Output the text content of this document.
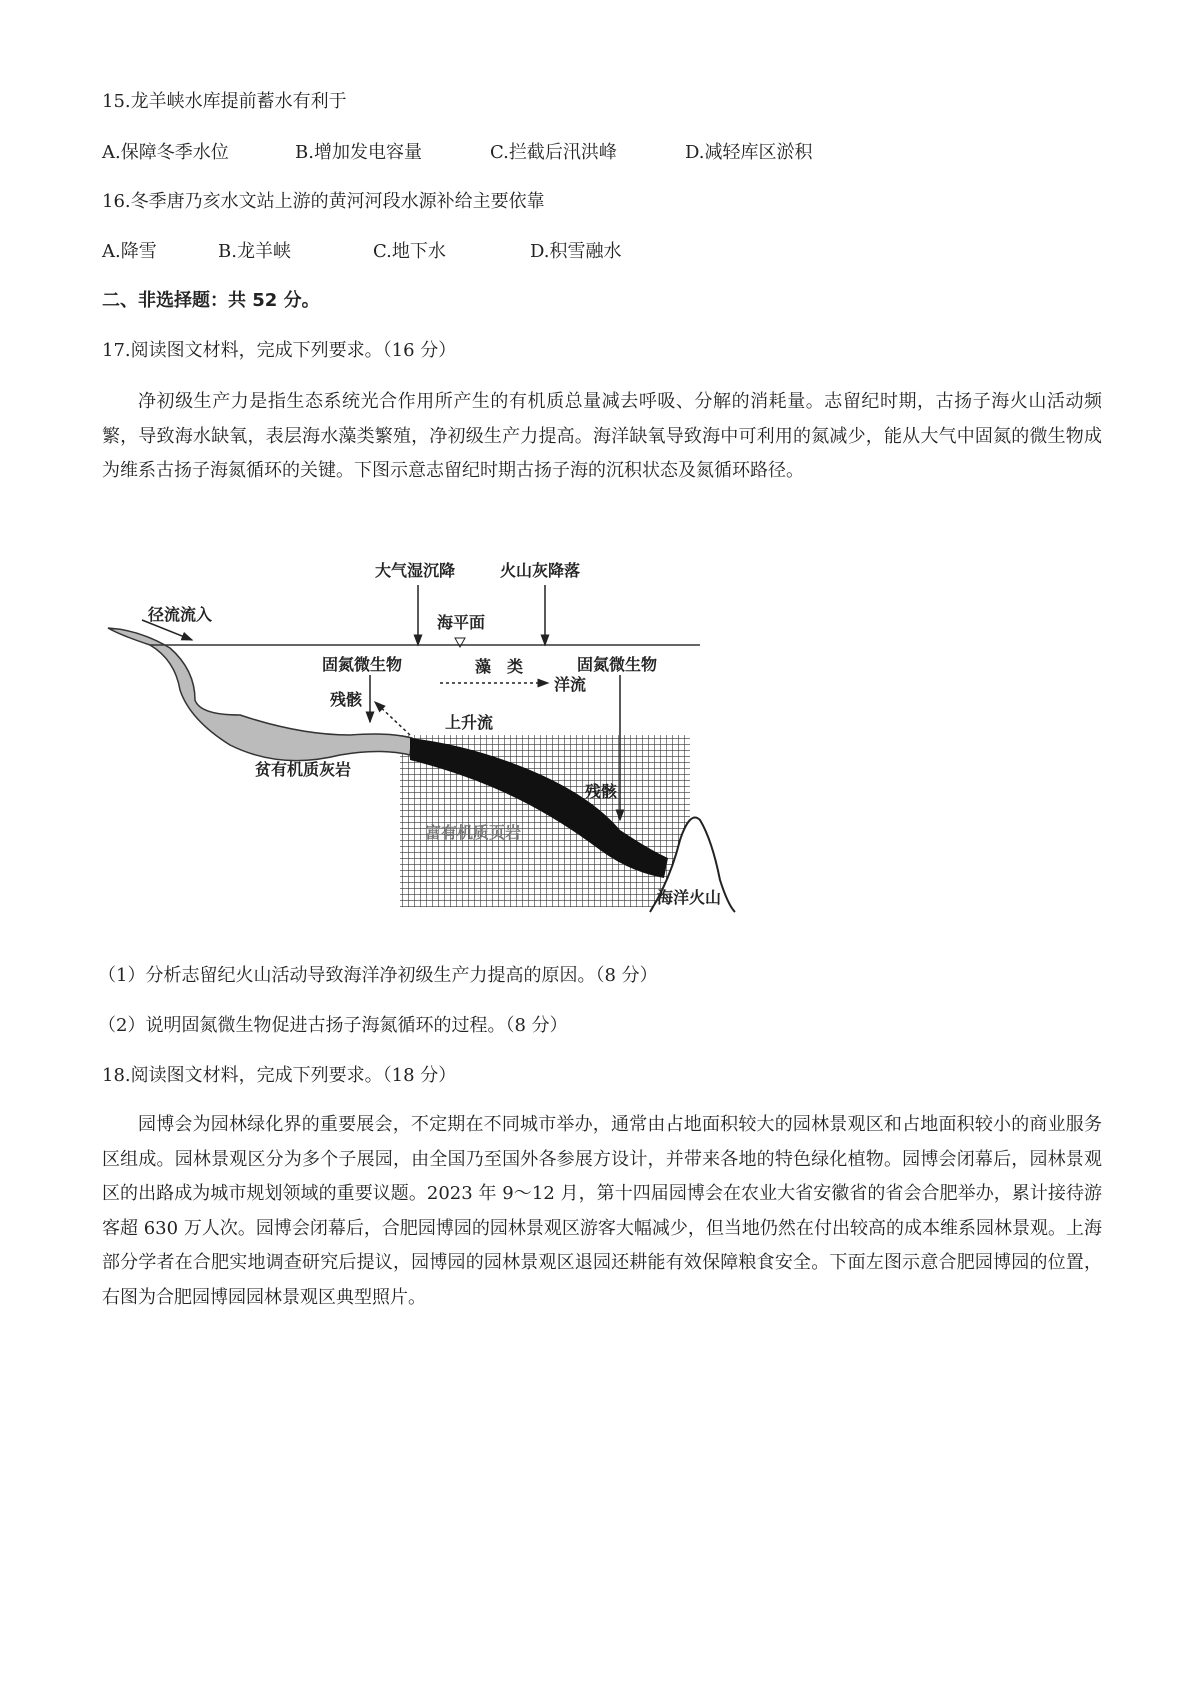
15.龙羊峡水库提前蓄水有利于
A.保障冬季水位	B.增加发电容量	C.拦截后汛洪峰	D.减轻库区淤积
16.冬季唐乃亥水文站上游的黄河河段水源补给主要依靠
A.降雪	B.龙羊峡	C.地下水	D.积雪融水
二、非选择题：共 52 分。
17.阅读图文材料，完成下列要求。（16 分）
净初级生产力是指生态系统光合作用所产生的有机质总量减去呼吸、分解的消耗量。志留纪时期，古扬子海火山活动频繁，导致海水缺氧，表层海水藻类繁殖，净初级生产力提高。海洋缺氧导致海中可利用的氮减少，能从大气中固氮的微生物成为维系古扬子海氮循环的关键。下图示意志留纪时期古扬子海的沉积状态及氮循环路径。
径流流入
大气湿沉降	火山灰降落
海平面
固氮微生物	藻　类	固氮微生物
洋流
残骸
上升流
贫有机质灰岩
富有机质页岩
残骸
海洋火山
（1）分析志留纪火山活动导致海洋净初级生产力提高的原因。（8 分）
（2）说明固氮微生物促进古扬子海氮循环的过程。（8 分）
18.阅读图文材料，完成下列要求。（18 分）
园博会为园林绿化界的重要展会，不定期在不同城市举办，通常由占地面积较大的园林景观区和占地面积较小的商业服务区组成。园林景观区分为多个子展园，由全国乃至国外各参展方设计，并带来各地的特色绿化植物。园博会闭幕后，园林景观区的出路成为城市规划领域的重要议题。2023 年 9～12 月，第十四届园博会在农业大省安徽省的省会合肥举办，累计接待游客超 630 万人次。园博会闭幕后，合肥园博园的园林景观区游客大幅减少，但当地仍然在付出较高的成本维系园林景观。上海部分学者在合肥实地调查研究后提议，园博园的园林景观区退园还耕能有效保障粮食安全。下面左图示意合肥园博园的位置，右图为合肥园博园园林景观区典型照片。
